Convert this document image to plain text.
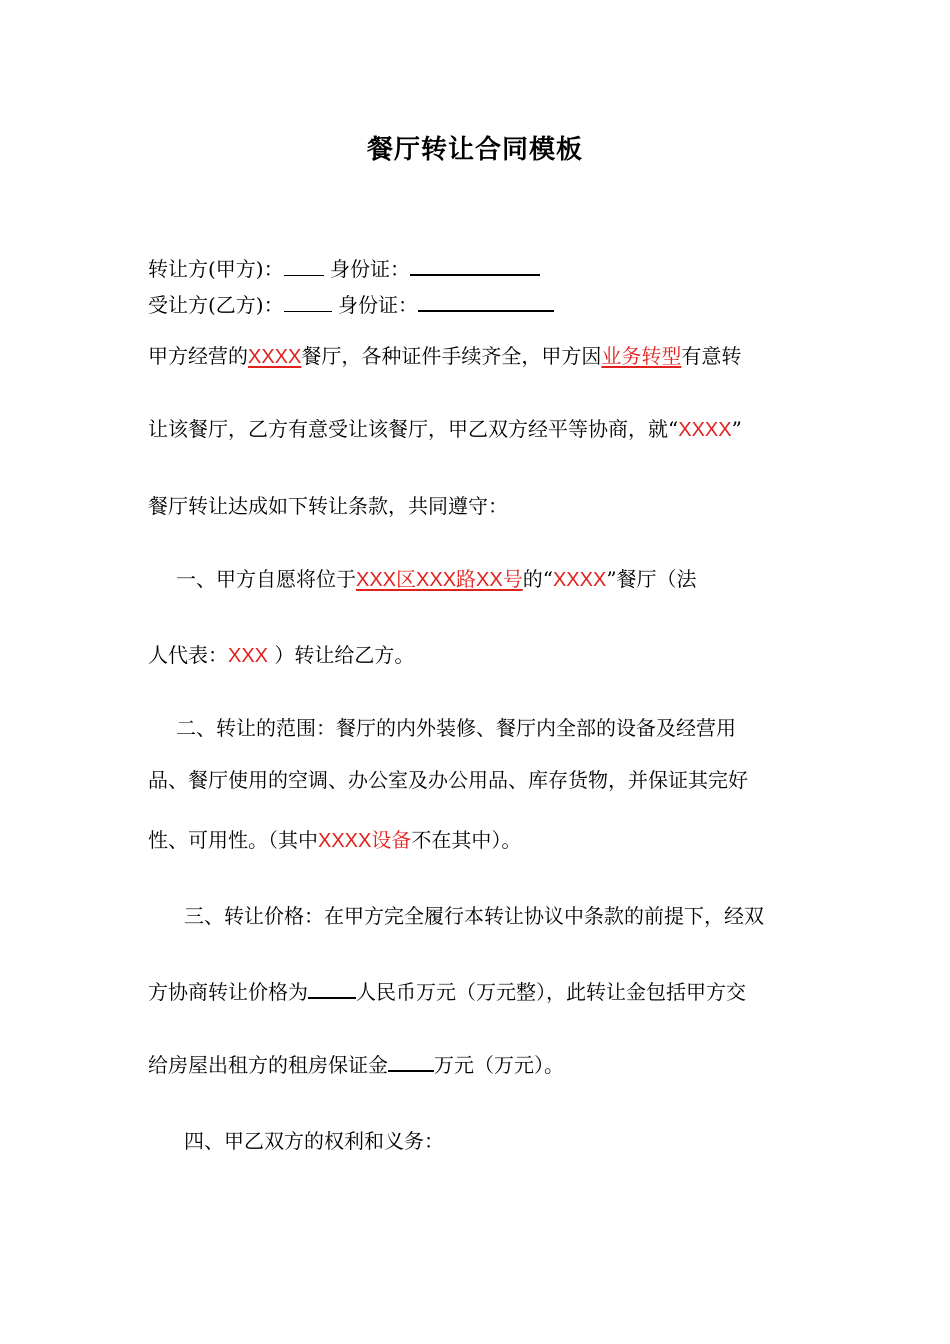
餐厅转让合同模板
转让方(甲方)： 身份证：
受让方(乙方)：	身份证：
甲方经营的XXXX餐厅，各种证件手续齐全，甲方因业务转型有意转
让该餐厅，乙方有意受让该餐厅，甲乙双方经平等协商，就“XXXX”
餐厅转让达成如下转让条款，共同遵守：
一、甲方自愿将位于XXX区XXX路XX号的“XXXX”餐厅（法
人代表：XXX ）转让给乙方。
二、转让的范围：餐厅的内外装修、餐厅内全部的设备及经营用
品、餐厅使用的空调、办公室及办公用品、库存货物，并保证其完好
性、可用性。（其中XXXX设备不在其中）。
三、转让价格：在甲方完全履行本转让协议中条款的前提下，经双
方协商转让价格为 人民币万元（万元整），此转让金包括甲方交
给房屋出租方的租房保证金 万元（万元）。
四、甲乙双方的权利和义务：
